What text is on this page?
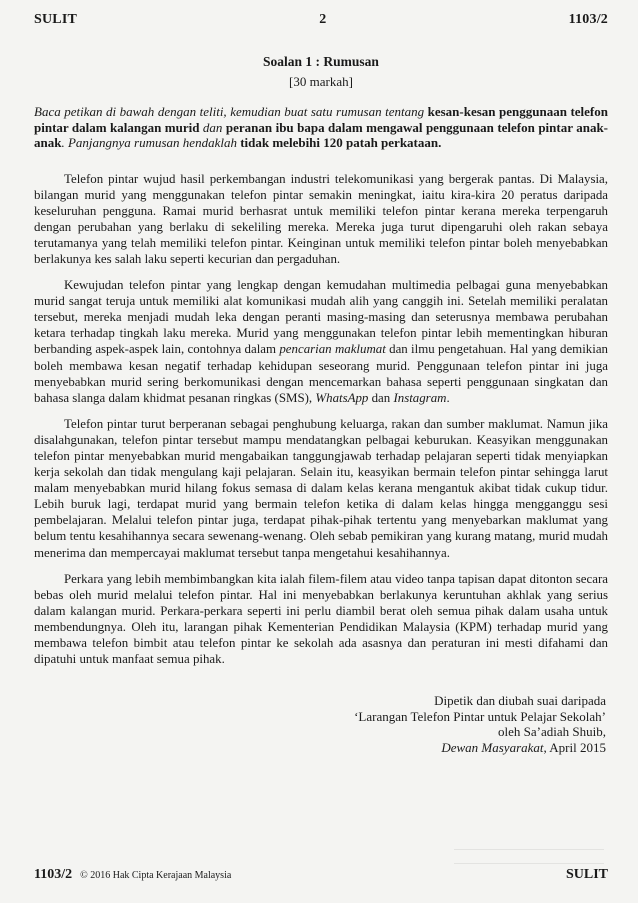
SULIT	2	1103/2
Soalan 1 : Rumusan
[30 markah]
Baca petikan di bawah dengan teliti, kemudian buat satu rumusan tentang kesan-kesan penggunaan telefon pintar dalam kalangan murid dan peranan ibu bapa dalam mengawal penggunaan telefon pintar anak-anak. Panjangnya rumusan hendaklah tidak melebihi 120 patah perkataan.

Telefon pintar wujud hasil perkembangan industri telekomunikasi yang bergerak pantas. Di Malaysia, bilangan murid yang menggunakan telefon pintar semakin meningkat, iaitu kira-kira 20 peratus daripada keseluruhan pengguna. Ramai murid berhasrat untuk memiliki telefon pintar kerana mereka terpengaruh dengan perubahan yang berlaku di sekeliling mereka. Mereka juga turut dipengaruhi oleh rakan sebaya terutamanya yang telah memiliki telefon pintar. Keinginan untuk memiliki telefon pintar boleh menyebabkan berlakunya kes salah laku seperti kecurian dan pergaduhan.

Kewujudan telefon pintar yang lengkap dengan kemudahan multimedia pelbagai guna menyebabkan murid sangat teruja untuk memiliki alat komunikasi mudah alih yang canggih ini. Setelah memiliki peralatan tersebut, mereka menjadi mudah leka dengan peranti masing-masing dan seterusnya membawa perubahan ketara terhadap tingkah laku mereka. Murid yang menggunakan telefon pintar lebih mementingkan hiburan berbanding aspek-aspek lain, contohnya dalam pencarian maklumat dan ilmu pengetahuan. Hal yang demikian boleh membawa kesan negatif terhadap kehidupan seseorang murid. Penggunaan telefon pintar ini juga menyebabkan murid sering berkomunikasi dengan mencemarkan bahasa seperti penggunaan singkatan dan bahasa slanga dalam khidmat pesanan ringkas (SMS), WhatsApp dan Instagram.

Telefon pintar turut berperanan sebagai penghubung keluarga, rakan dan sumber maklumat. Namun jika disalahgunakan, telefon pintar tersebut mampu mendatangkan pelbagai keburukan. Keasyikan menggunakan telefon pintar menyebabkan murid mengabaikan tanggungjawab terhadap pelajaran seperti tidak menyiapkan kerja sekolah dan tidak mengulang kaji pelajaran. Selain itu, keasyikan bermain telefon pintar sehingga larut malam menyebabkan murid hilang fokus semasa di dalam kelas kerana mengantuk akibat tidak cukup tidur. Lebih buruk lagi, terdapat murid yang bermain telefon ketika di dalam kelas hingga mengganggu sesi pembelajaran. Melalui telefon pintar juga, terdapat pihak-pihak tertentu yang menyebarkan maklumat yang belum tentu kesahihannya secara sewenang-wenang. Oleh sebab pemikiran yang kurang matang, murid mudah menerima dan mempercayai maklumat tersebut tanpa mengetahui kesahihannya.

Perkara yang lebih membimbangkan kita ialah filem-filem atau video tanpa tapisan dapat ditonton secara bebas oleh murid melalui telefon pintar. Hal ini menyebabkan berlakunya keruntuhan akhlak yang serius dalam kalangan murid. Perkara-perkara seperti ini perlu diambil berat oleh semua pihak dalam usaha untuk membendungnya. Oleh itu, larangan pihak Kementerian Pendidikan Malaysia (KPM) terhadap murid yang membawa telefon bimbit atau telefon pintar ke sekolah ada asasnya dan peraturan ini mesti difahami dan dipatuhi untuk manfaat semua pihak.

Dipetik dan diubah suai daripada
‘Larangan Telefon Pintar untuk Pelajar Sekolah’
oleh Sa’adiah Shuib,
Dewan Masyarakat, April 2015
1103/2 © 2016 Hak Cipta Kerajaan Malaysia	SULIT
